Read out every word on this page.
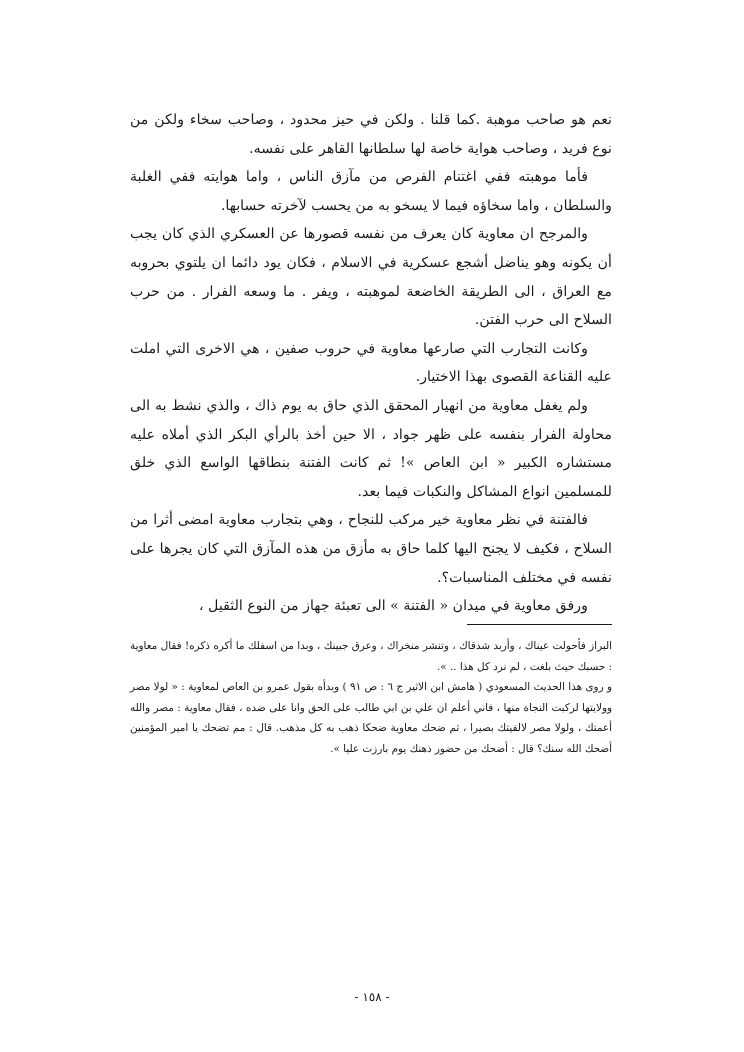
نعم هو صاحب موهبة .كما قلنا . ولكن في حيز محدود ، وصاحب سخاء ولكن من نوع فريد ، وصاحب هواية خاصة لها سلطانها القاهر على نفسه.

فأما موهبته ففي اغتنام الفرص من مآزق الناس ، واما هوايته ففي الغلبة والسلطان ، واما سخاؤه فيما لا يسخو به من يحسب لآخرته حسابها.

والمرجح ان معاوية كان يعرف من نفسه قصورها عن العسكري الذي كان يجب أن يكونه وهو يناضل أشجع عسكرية في الاسلام ، فكان يود دائما ان يلتوي بحروبه مع العراق ، الى الطريقة الخاضعة لموهبته ، ويفر . ما وسعه الفرار . من حرب السلاح الى حرب الفتن.

وكانت التجارب التي صارعها معاوية في حروب صفين ، هي الاخرى التي املت عليه القناعة القصوى بهذا الاختيار.

ولم يغفل معاوية من انهيار المحقق الذي حاق به يوم ذاك ، والذي نشط به الى محاولة الفرار بنفسه على ظهر جواد ، الا حين أخذ بالرأي البكر الذي أملاه عليه مستشاره الكبير « ابن العاص »! ثم كانت الفتنة بنطاقها الواسع الذي خلق للمسلمين انواع المشاكل والنكبات فيما بعد.

فالفتنة في نظر معاوية خير مركب للنجاح ، وهي بتجارب معاوية امضى أثرا من السلاح ، فكيف لا يجنح اليها كلما حاق به مأزق من هذه المآزق التي كان يجرها على نفسه في مختلف المناسبات؟.

ورفق معاوية في ميدان « الفتنة » الى تعبئة جهاز من النوع الثقيل ،

البراز فأحولت عيناك ، وأربد شدقاك ، وتنشر منخراك ، وعرق جبينك ، وبدا من اسفلك ما أكره ذكره! فقال معاوية : حسبك حيث بلغت ، لم نرد كل هذا .. ».

و روى هذا الحديث المسعودي ( هامش ابن الاثير ج ٦ : ص ٩١ ) وبدأه بقول عمرو بن العاص لمعاوية : « لولا مصر وولايتها لركبت النجاة منها ، فاني أعلم ان علي بن ابي طالب على الحق وانا على ضده ، فقال معاوية : مصر والله أعمتك ، ولولا مصر لالفيتك بصيرا ، ثم ضحك معاوية ضحكا ذهب به كل مذهب. قال : مم تضحك يا امير المؤمنين أضحك الله سنك؟ قال : أضحك من حضور ذهنك يوم بارزت عليا ».

- ١٥٨ -
